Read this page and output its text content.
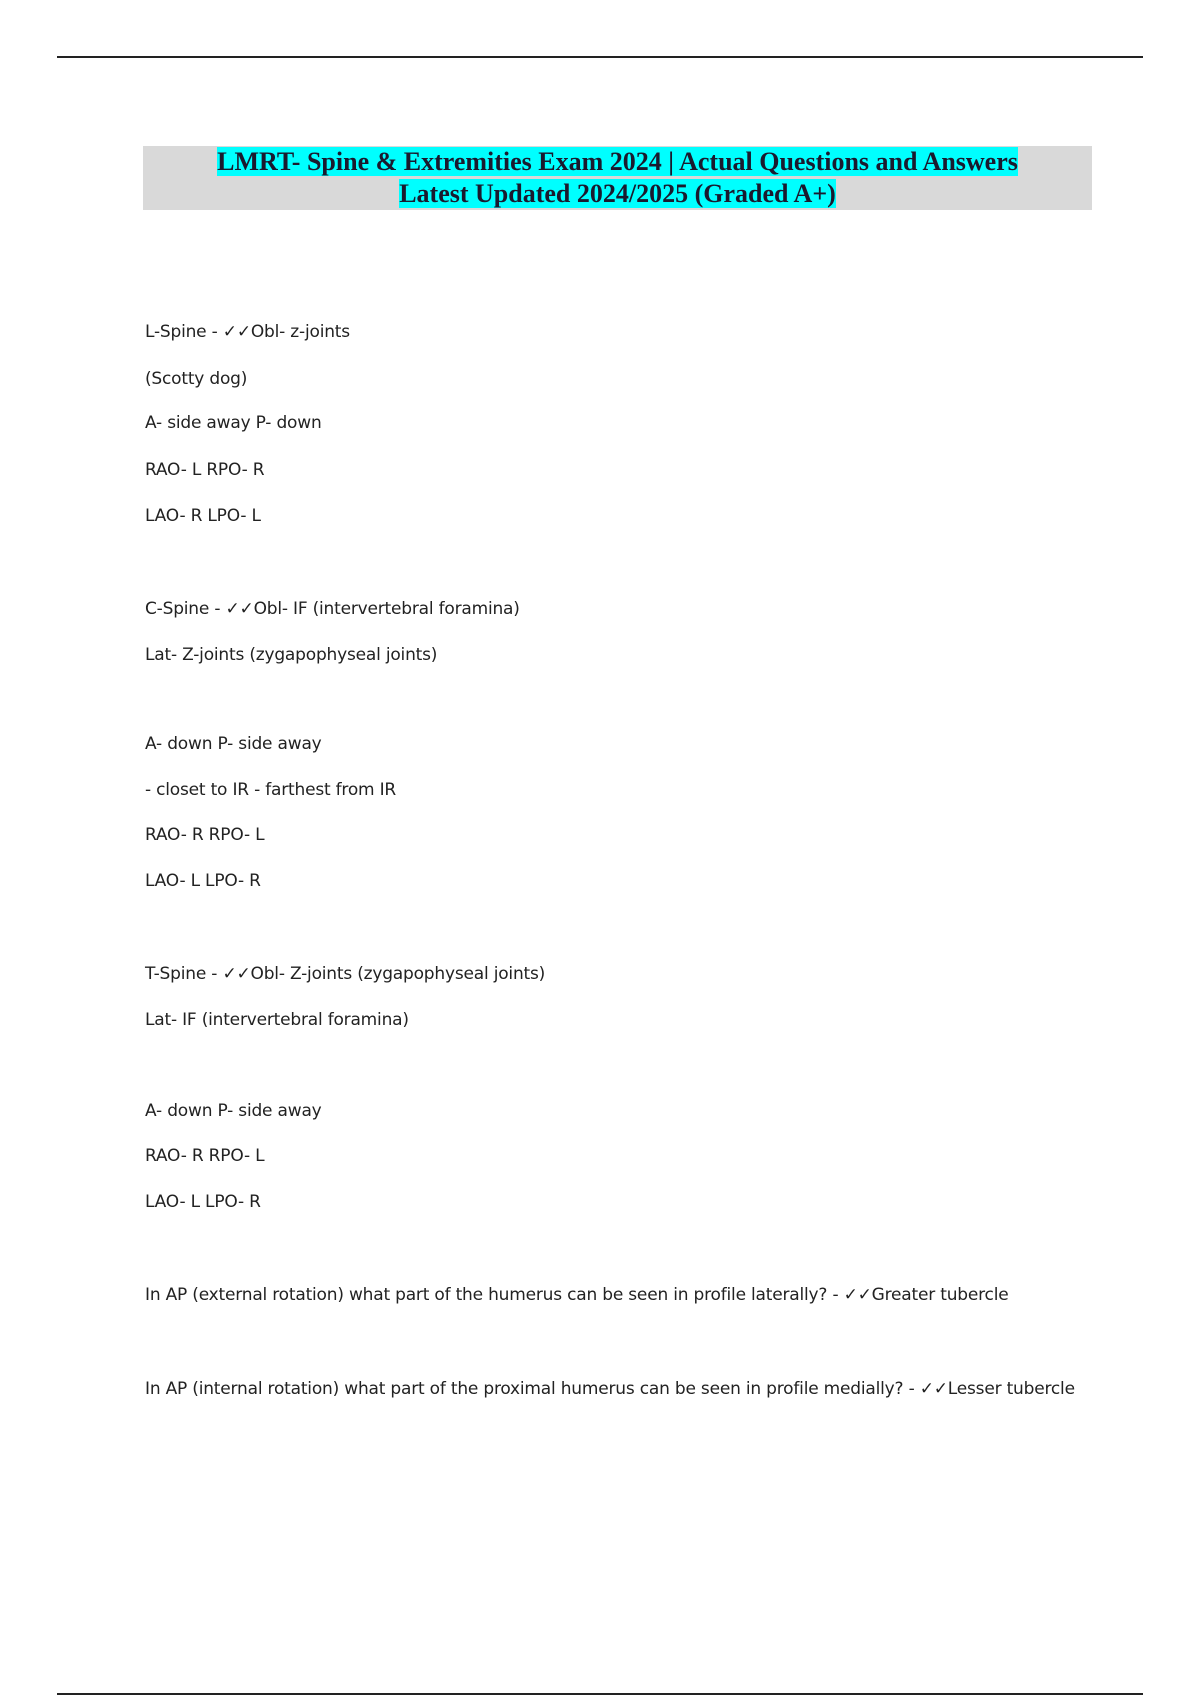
LMRT- Spine & Extremities Exam 2024 | Actual Questions and Answers
Latest Updated 2024/2025 (Graded A+)

L-Spine - ✓✓Obl- z-joints

(Scotty dog)

A- side away P- down

RAO- L RPO- R

LAO- R LPO- L

C-Spine - ✓✓Obl- IF (intervertebral foramina)

Lat- Z-joints (zygapophyseal joints)

A- down P- side away

- closet to IR - farthest from IR

RAO- R RPO- L

LAO- L LPO- R

T-Spine - ✓✓Obl- Z-joints (zygapophyseal joints)

Lat- IF (intervertebral foramina)

A- down P- side away

RAO- R RPO- L

LAO- L LPO- R

In AP (external rotation) what part of the humerus can be seen in profile laterally? - ✓✓Greater tubercle

In AP (internal rotation) what part of the proximal humerus can be seen in profile medially? - ✓✓Lesser tubercle
